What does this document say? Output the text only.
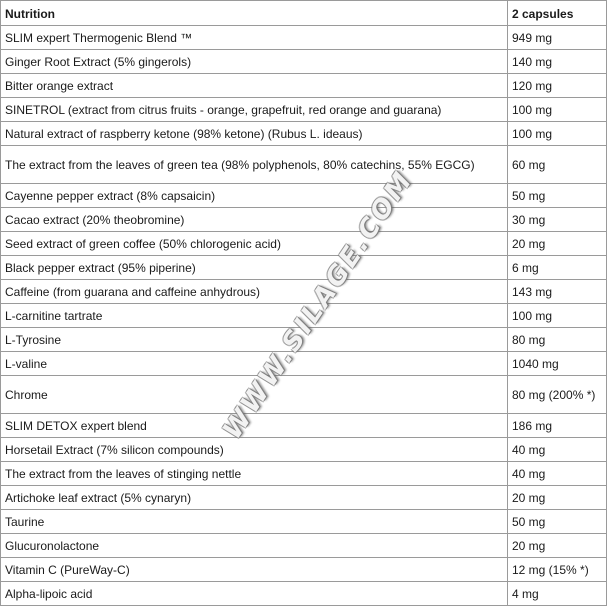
Nutrition	2 capsules
SLIM expert Thermogenic Blend ™	949 mg
Ginger Root Extract (5% gingerols)	140 mg
Bitter orange extract	120 mg
SINETROL (extract from citrus fruits - orange, grapefruit, red orange and guarana)	100 mg
Natural extract of raspberry ketone (98% ketone) (Rubus L. ideaus)	100 mg
The extract from the leaves of green tea (98% polyphenols, 80% catechins, 55% EGCG)	60 mg
Cayenne pepper extract (8% capsaicin)	50 mg
Cacao extract (20% theobromine)	30 mg
Seed extract of green coffee (50% chlorogenic acid)	20 mg
Black pepper extract (95% piperine)	6 mg
Caffeine (from guarana and caffeine anhydrous)	143 mg
L-carnitine tartrate	100 mg
L-Tyrosine	80 mg
L-valine	1040 mg
Chrome	80 mg (200% *)
SLIM DETOX expert blend	186 mg
Horsetail Extract (7% silicon compounds)	40 mg
The extract from the leaves of stinging nettle	40 mg
Artichoke leaf extract (5% cynaryn)	20 mg
Taurine	50 mg
Glucuronolactone	20 mg
Vitamin C (PureWay-C)	12 mg (15% *)
Alpha-lipoic acid	4 mg
WWW.SILAGE.COM
